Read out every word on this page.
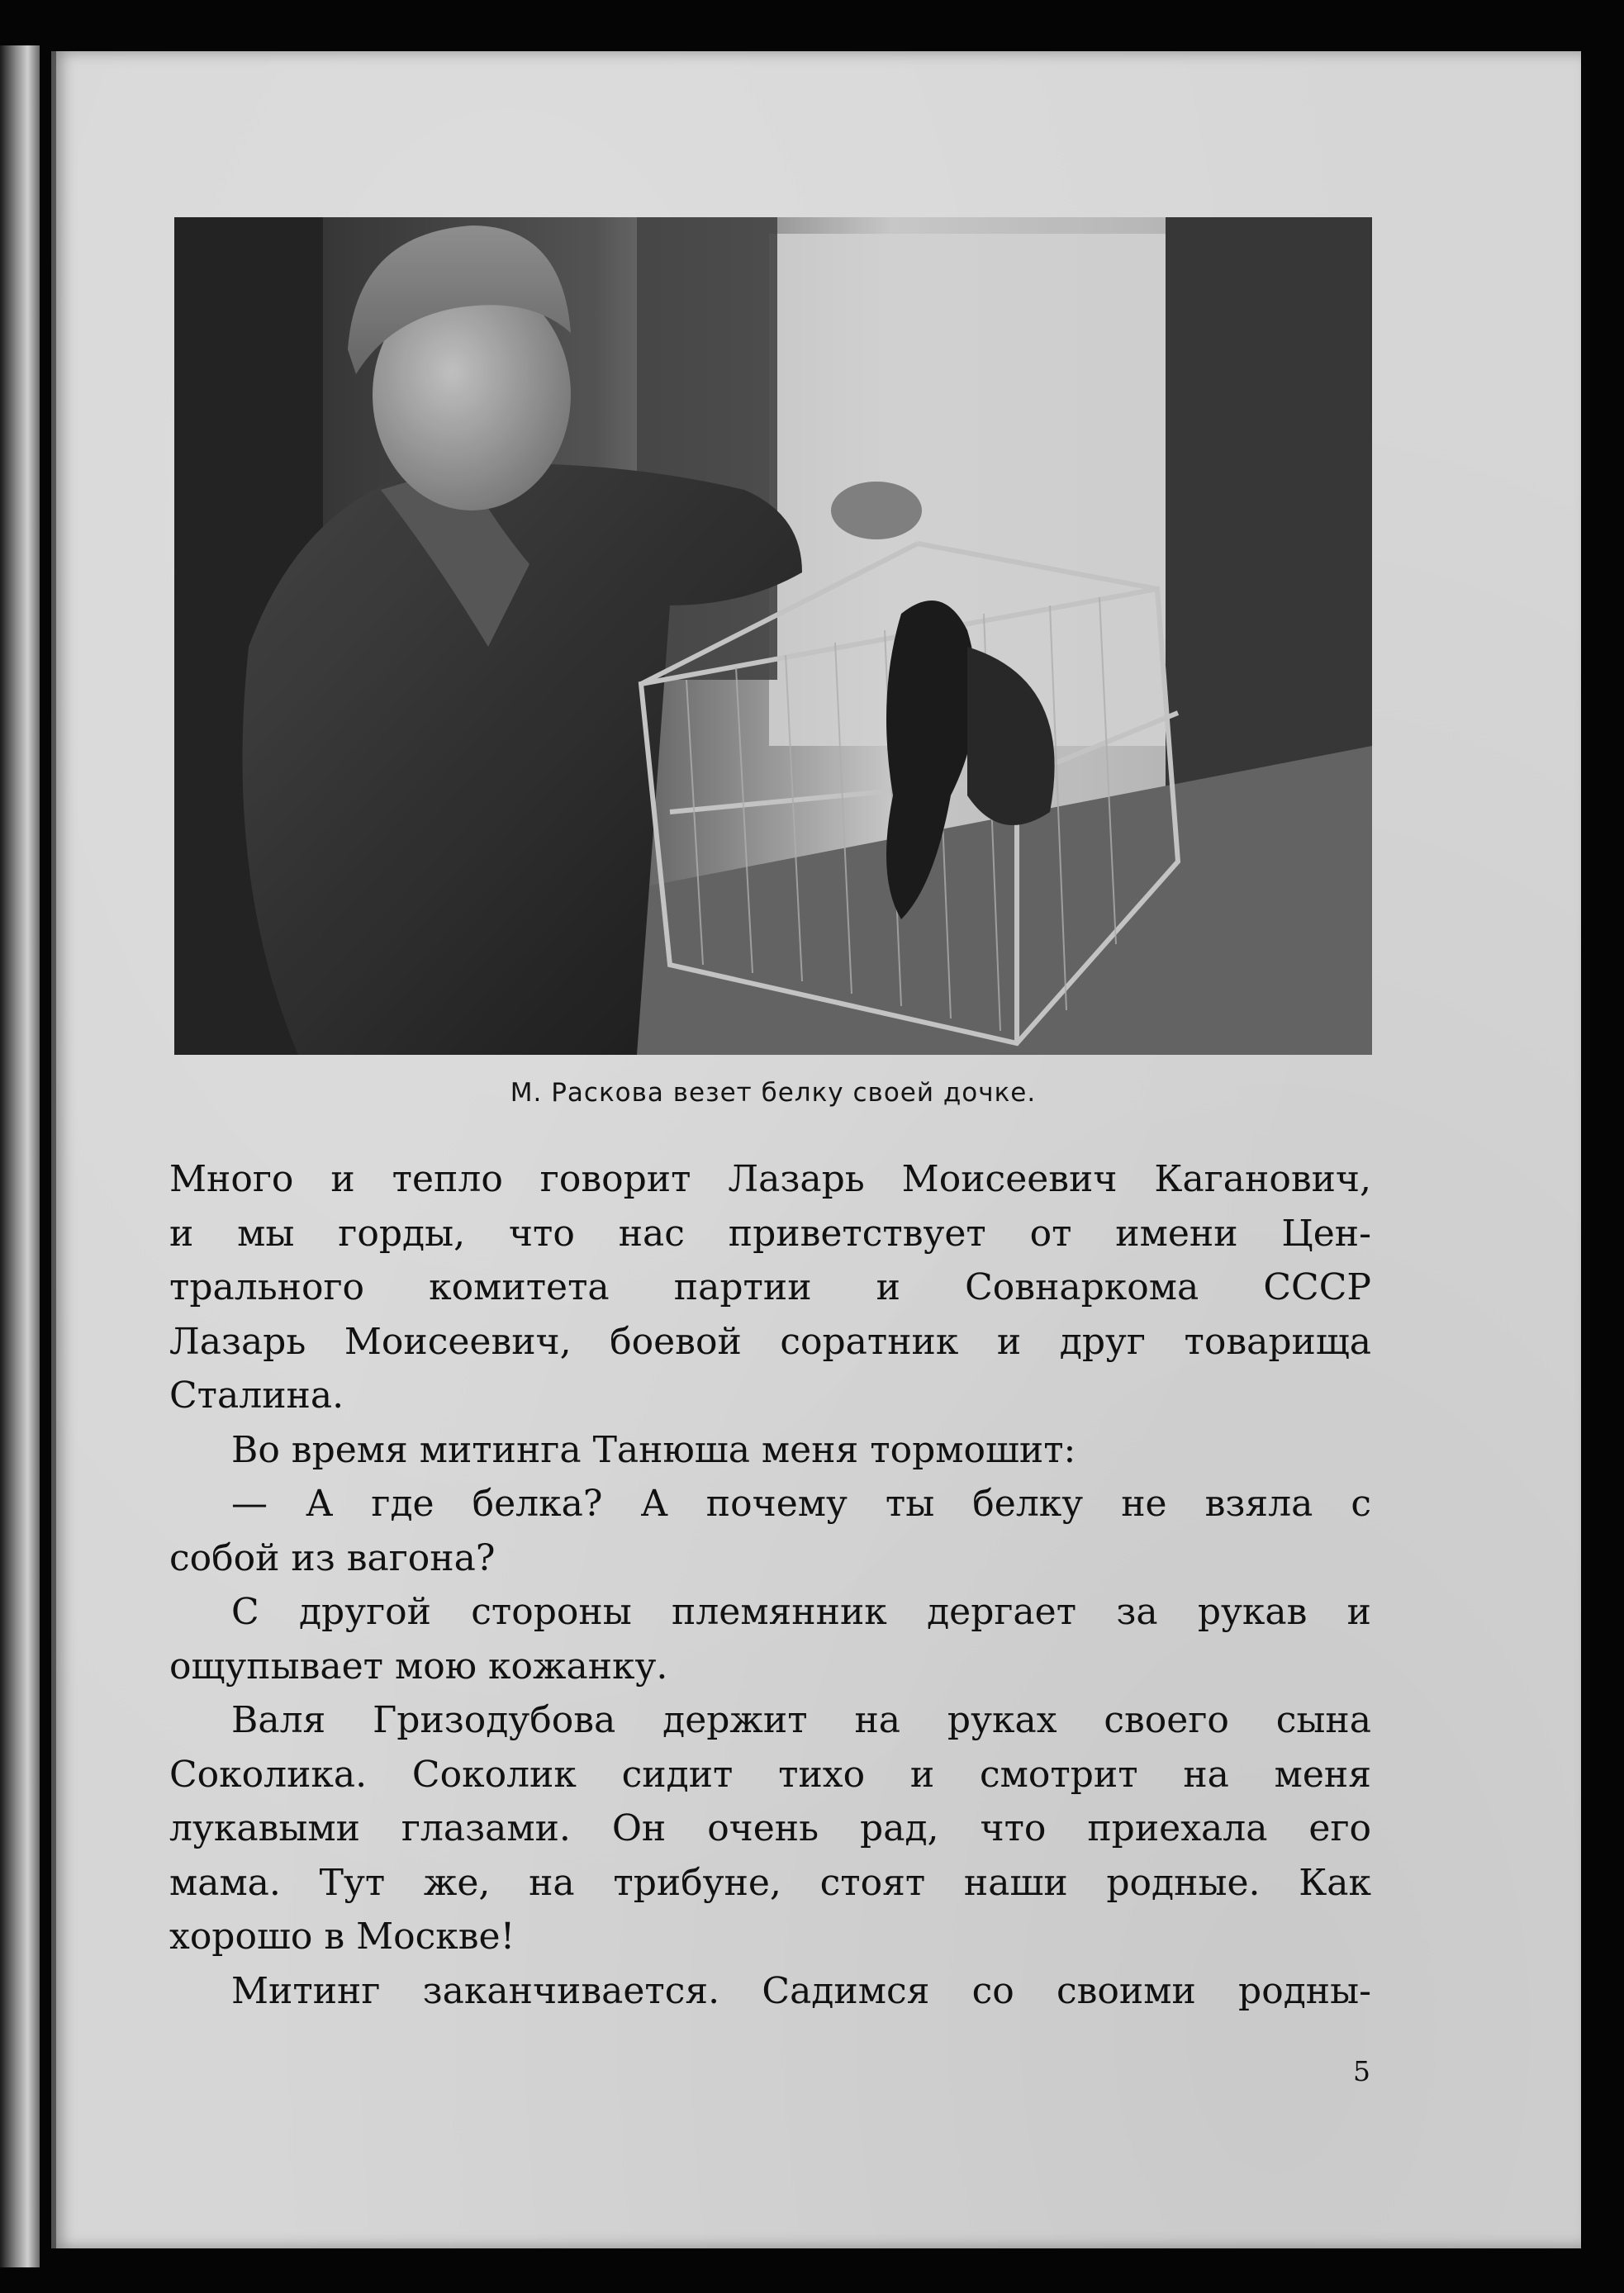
М. Раскова везет белку своей дочке.

Много и тепло говорит Лазарь Моисеевич Каганович,
и мы горды, что нас приветствует от имени Цен-
трального комитета партии и Совнаркома СССР
Лазарь Моисеевич, боевой соратник и друг товарища
Сталина.

Во время митинга Танюша меня тормошит:

— А где белка? А почему ты белку не взяла с
собой из вагона?

С другой стороны племянник дергает за рукав и
ощупывает мою кожанку.

Валя Гризодубова держит на руках своего сына
Соколика. Соколик сидит тихо и смотрит на меня
лукавыми глазами. Он очень рад, что приехала его
мама. Тут же, на трибуне, стоят наши родные. Как
хорошо в Москве!

Митинг заканчивается. Садимся со своими родны-

5
